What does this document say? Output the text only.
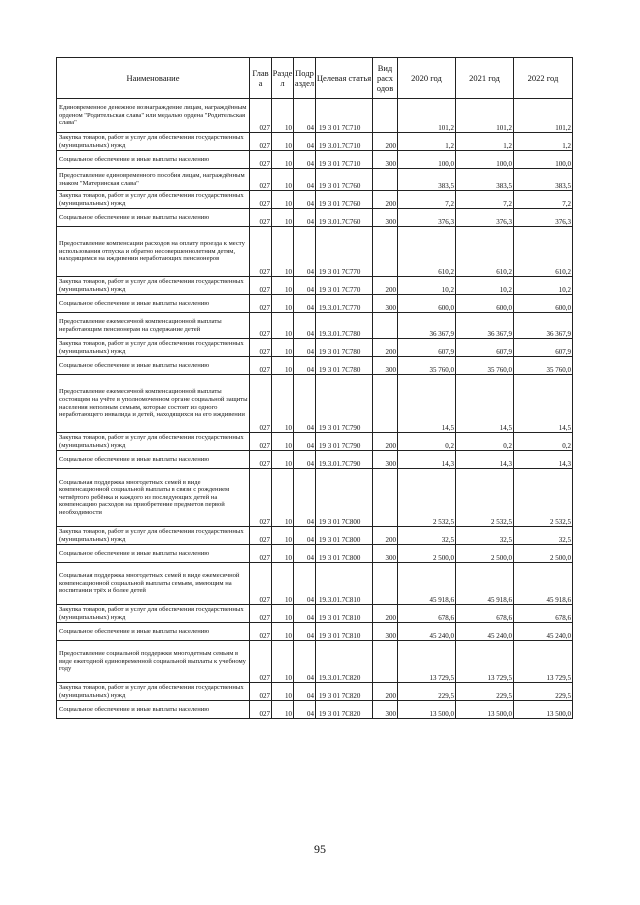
Наименование	Глав а	Разде л	Подр аздел	Целевая статья	Вид расх одов	2020 год	2021 год	2022 год
Единовременное денежное вознаграждение лицам, награждённым орденом "Родительская слава" или медалью ордена "Родительская слава"	027	10	04	19 3 01 7С710		101,2	101,2	101,2
Закупка товаров, работ и услуг для обеспечения государственных (муниципальных) нужд	027	10	04	19 3.01.7С710	200	1,2	1,2	1,2
Социальное обеспечение и иные выплаты населению	027	10	04	19 3 01 7С710	300	100,0	100,0	100,0
Предоставление единовременного пособия лицам, награждённым знаком "Материнская слава"	027	10	04	19 3 01 7С760		383,5	383,5	383,5
Закупка товаров, работ и услуг для обеспечения государственных (муниципальных) нужд	027	10	04	19 3 01 7С760	200	7,2	7,2	7,2
Социальное обеспечение и иные выплаты населению	027	10	04	19 3.01.7С760	300	376,3	376,3	376,3
Предоставление компенсации расходов на оплату проезда к месту использования отпуска и обратно несовершеннолетним детям, находящимся на иждивении неработающих пенсионеров	027	10	04	19 3 01 7С770		610,2	610,2	610,2
Закупка товаров, работ и услуг для обеспечения государственных (муниципальных) нужд	027	10	04	19 3 01 7С770	200	10,2	10,2	10,2
Социальное обеспечение и иные выплаты населению	027	10	04	19.3.01.7С770	300	600,0	600,0	600,0
Предоставление ежемесячной компенсационной выплаты неработающим пенсионерам на содержание детей	027	10	04	19.3.01.7С780		36 367,9	36 367,9	36 367,9
Закупка товаров, работ и услуг для обеспечения государственных (муниципальных) нужд	027	10	04	19 3 01 7С780	200	607,9	607,9	607,9
Социальное обеспечение и иные выплаты населению	027	10	04	19 3 01 7С780	300	35 760,0	35 760,0	35 760,0
Предоставление ежемесячной компенсационной выплаты состоящим на учёте в уполномоченном органе социальной защиты населения неполным семьям, которые состоят из одного неработающего инвалида и детей, находящихся на его иждивении	027	10	04	19 3 01 7С790		14,5	14,5	14,5
Закупка товаров, работ и услуг для обеспечения государственных (муниципальных) нужд	027	10	04	19 3 01 7С790	200	0,2	0,2	0,2
Социальное обеспечение и иные выплаты населению	027	10	04	19.3.01.7С790	300	14,3	14,3	14,3
Социальная поддержка многодетных семей в виде компенсационной социальной выплаты в связи с рождением четвёртого ребёнка и каждого из последующих детей на компенсацию расходов на приобретение предметов первой необходимости	027	10	04	19 3 01 7С800		2 532,5	2 532,5	2 532,5
Закупка товаров, работ и услуг для обеспечения государственных (муниципальных) нужд	027	10	04	19 3 01 7С800	200	32,5	32,5	32,5
Социальное обеспечение и иные выплаты населению	027	10	04	19 3 01 7С800	300	2 500,0	2 500,0	2 500,0
Социальная поддержка многодетных семей в виде ежемесячной компенсационной социальной выплаты семьям, имеющим на воспитании трёх и более детей	027	10	04	19.3.01.7С810		45 918,6	45 918,6	45 918,6
Закупка товаров, работ и услуг для обеспечения государственных (муниципальных) нужд	027	10	04	19 3 01 7С810	200	678,6	678,6	678,6
Социальное обеспечение и иные выплаты населению	027	10	04	19 3 01 7С810	300	45 240,0	45 240,0	45 240,0
Предоставление социальной поддержки многодетным семьям в виде ежегодной единовременной социальной выплаты к учебному году	027	10	04	19.3.01.7С820		13 729,5	13 729,5	13 729,5
Закупка товаров, работ и услуг для обеспечения государственных (муниципальных) нужд	027	10	04	19 3 01 7С820	200	229,5	229,5	229,5
Социальное обеспечение и иные выплаты населению	027	10	04	19 3 01 7С820	300	13 500,0	13 500,0	13 500,0
95
